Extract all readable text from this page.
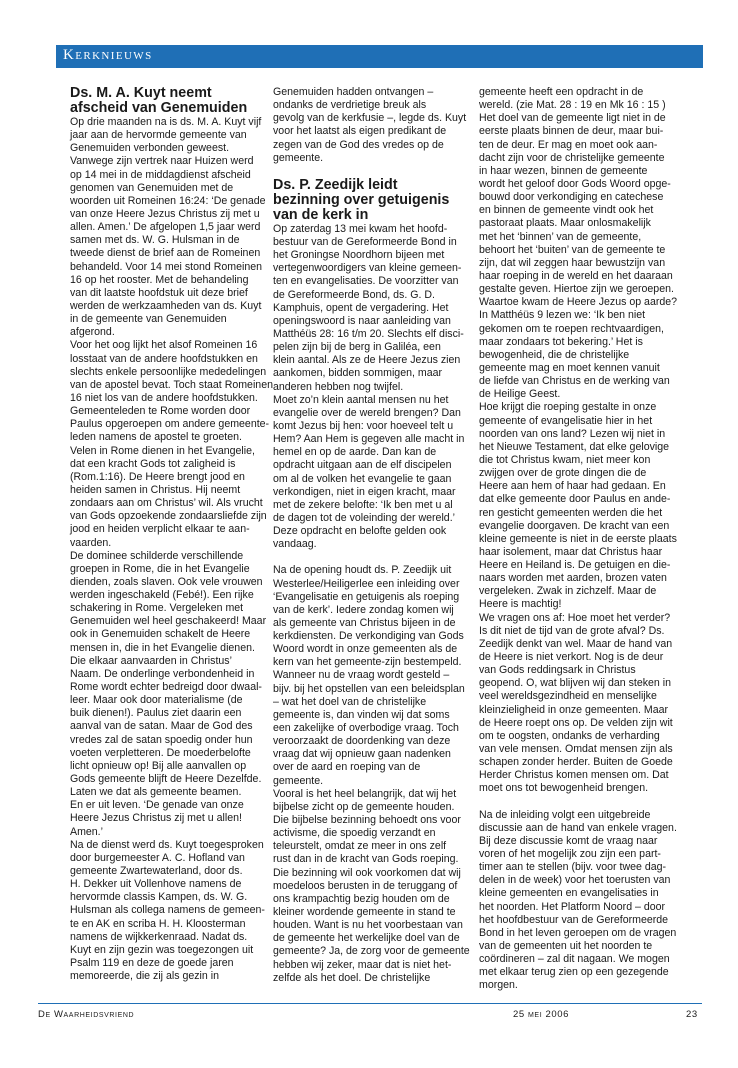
Kerknieuws
Ds. M. A. Kuyt neemt
afscheid van Genemuiden
Op drie maanden na is ds. M. A. Kuyt vijf
jaar aan de hervormde gemeente van
Genemuiden verbonden geweest.
Vanwege zijn vertrek naar Huizen werd
op 14 mei in de middagdienst afscheid
genomen van Genemuiden met de
woorden uit Romeinen 16:24: ‘De genade
van onze Heere Jezus Christus zij met u
allen. Amen.’ De afgelopen 1,5 jaar werd
samen met ds. W. G. Hulsman in de
tweede dienst de brief aan de Romeinen
behandeld. Voor 14 mei stond Romeinen
16 op het rooster. Met de behandeling
van dit laatste hoofdstuk uit deze brief
werden de werkzaamheden van ds. Kuyt
in de gemeente van Genemuiden
afgerond.
Voor het oog lijkt het alsof Romeinen 16
losstaat van de andere hoofdstukken en
slechts enkele persoonlijke mededelingen
van de apostel bevat. Toch staat Romeinen
16 niet los van de andere hoofdstukken.
Gemeenteleden te Rome worden door
Paulus opgeroepen om andere gemeente-
leden namens de apostel te groeten.
Velen in Rome dienen in het Evangelie,
dat een kracht Gods tot zaligheid is
(Rom.1:16). De Heere brengt jood en
heiden samen in Christus. Hij neemt
zondaars aan om Christus’ wil. Als vrucht
van Gods opzoekende zondaarsliefde zijn
jood en heiden verplicht elkaar te aan-
vaarden.
De dominee schilderde verschillende
groepen in Rome, die in het Evangelie
dienden, zoals slaven. Ook vele vrouwen
werden ingeschakeld (Febé!). Een rijke
schakering in Rome. Vergeleken met
Genemuiden wel heel geschakeerd! Maar
ook in Genemuiden schakelt de Heere
mensen in, die in het Evangelie dienen.
Die elkaar aanvaarden in Christus’
Naam. De onderlinge verbondenheid in
Rome wordt echter bedreigd door dwaal-
leer. Maar ook door materialisme (de
buik dienen!). Paulus ziet daarin een
aanval van de satan. Maar de God des
vredes zal de satan spoedig onder hun
voeten verpletteren. De moederbelofte
licht opnieuw op! Bij alle aanvallen op
Gods gemeente blijft de Heere Dezelfde.
Laten we dat als gemeente beamen.
En er uit leven. ‘De genade van onze
Heere Jezus Christus zij met u allen!
Amen.’
Na de dienst werd ds. Kuyt toegesproken
door burgemeester A. C. Hofland van
gemeente Zwartewaterland, door ds.
H. Dekker uit Vollenhove namens de
hervormde classis Kampen, ds. W. G.
Hulsman als collega namens de gemeen-
te en AK en scriba H. H. Kloosterman
namens de wijkkerkenraad. Nadat ds.
Kuyt en zijn gezin was toegezongen uit
Psalm 119 en deze de goede jaren
memoreerde, die zij als gezin in
Genemuiden hadden ontvangen –
ondanks de verdrietige breuk als
gevolg van de kerkfusie –, legde ds. Kuyt
voor het laatst als eigen predikant de
zegen van de God des vredes op de
gemeente.
Ds. P. Zeedijk leidt
bezinning over getuigenis
van de kerk in
Op zaterdag 13 mei kwam het hoofd-
bestuur van de Gereformeerde Bond in
het Groningse Noordhorn bijeen met
vertegenwoordigers van kleine gemeen-
ten en evangelisaties. De voorzitter van
de Gereformeerde Bond, ds. G. D.
Kamphuis, opent de vergadering. Het
openingswoord is naar aanleiding van
Matthéüs 28: 16 t/m 20. Slechts elf disci-
pelen zijn bij de berg in Galiléa, een
klein aantal. Als ze de Heere Jezus zien
aankomen, bidden sommigen, maar
anderen hebben nog twijfel.
Moet zo’n klein aantal mensen nu het
evangelie over de wereld brengen? Dan
komt Jezus bij hen: voor hoeveel telt u
Hem? Aan Hem is gegeven alle macht in
hemel en op de aarde. Dan kan de
opdracht uitgaan aan de elf discipelen
om al de volken het evangelie te gaan
verkondigen, niet in eigen kracht, maar
met de zekere belofte: ‘Ik ben met u al
de dagen tot de voleinding der wereld.’
Deze opdracht en belofte gelden ook
vandaag.
Na de opening houdt ds. P. Zeedijk uit
Westerlee/Heiligerlee een inleiding over
‘Evangelisatie en getuigenis als roeping
van de kerk’. Iedere zondag komen wij
als gemeente van Christus bijeen in de
kerkdiensten. De verkondiging van Gods
Woord wordt in onze gemeenten als de
kern van het gemeente-zijn bestempeld.
Wanneer nu de vraag wordt gesteld –
bijv. bij het opstellen van een beleidsplan
– wat het doel van de christelijke
gemeente is, dan vinden wij dat soms
een zakelijke of overbodige vraag. Toch
veroorzaakt de doordenking van deze
vraag dat wij opnieuw gaan nadenken
over de aard en roeping van de
gemeente.
Vooral is het heel belangrijk, dat wij het
bijbelse zicht op de gemeente houden.
Die bijbelse bezinning behoedt ons voor
activisme, die spoedig verzandt en
teleurstelt, omdat ze meer in ons zelf
rust dan in de kracht van Gods roeping.
Die bezinning wil ook voorkomen dat wij
moedeloos berusten in de teruggang of
ons krampachtig bezig houden om de
kleiner wordende gemeente in stand te
houden. Want is nu het voorbestaan van
de gemeente het werkelijke doel van de
gemeente? Ja, de zorg voor de gemeente
hebben wij zeker, maar dat is niet het-
zelfde als het doel. De christelijke
gemeente heeft een opdracht in de
wereld. (zie Mat. 28 : 19 en Mk 16 : 15 )
Het doel van de gemeente ligt niet in de
eerste plaats binnen de deur, maar bui-
ten de deur. Er mag en moet ook aan-
dacht zijn voor de christelijke gemeente
in haar wezen, binnen de gemeente
wordt het geloof door Gods Woord opge-
bouwd door verkondiging en catechese
en binnen de gemeente vindt ook het
pastoraat plaats. Maar onlosmakelijk
met het ‘binnen’ van de gemeente,
behoort het ‘buiten’ van de gemeente te
zijn, dat wil zeggen haar bewustzijn van
haar roeping in de wereld en het daaraan
gestalte geven. Hiertoe zijn we geroepen.
Waartoe kwam de Heere Jezus op aarde?
In Matthéüs 9 lezen we: ‘Ik ben niet
gekomen om te roepen rechtvaardigen,
maar zondaars tot bekering.’ Het is
bewogenheid, die de christelijke
gemeente mag en moet kennen vanuit
de liefde van Christus en de werking van
de Heilige Geest.
Hoe krijgt die roeping gestalte in onze
gemeente of evangelisatie hier in het
noorden van ons land? Lezen wij niet in
het Nieuwe Testament, dat elke gelovige
die tot Christus kwam, niet meer kon
zwijgen over de grote dingen die de
Heere aan hem of haar had gedaan. En
dat elke gemeente door Paulus en ande-
ren gesticht gemeenten werden die het
evangelie doorgaven. De kracht van een
kleine gemeente is niet in de eerste plaats
haar isolement, maar dat Christus haar
Heere en Heiland is. De getuigen en die-
naars worden met aarden, brozen vaten
vergeleken. Zwak in zichzelf. Maar de
Heere is machtig!
We vragen ons af: Hoe moet het verder?
Is dit niet de tijd van de grote afval? Ds.
Zeedijk denkt van wel. Maar de hand van
de Heere is niet verkort. Nog is de deur
van Gods reddingsark in Christus
geopend. O, wat blijven wij dan steken in
veel wereldsgezindheid en menselijke
kleinzieligheid in onze gemeenten. Maar
de Heere roept ons op. De velden zijn wit
om te oogsten, ondanks de verharding
van vele mensen. Omdat mensen zijn als
schapen zonder herder. Buiten de Goede
Herder Christus komen mensen om. Dat
moet ons tot bewogenheid brengen.
Na de inleiding volgt een uitgebreide
discussie aan de hand van enkele vragen.
Bij deze discussie komt de vraag naar
voren of het mogelijk zou zijn een part-
timer aan te stellen (bijv. voor twee dag-
delen in de week) voor het toerusten van
kleine gemeenten en evangelisaties in
het noorden. Het Platform Noord – door
het hoofdbestuur van de Gereformeerde
Bond in het leven geroepen om de vragen
van de gemeenten uit het noorden te
coördineren – zal dit nagaan. We mogen
met elkaar terug zien op een gezegende
morgen.
De Waarheidsvriend	25 mei 2006	23
